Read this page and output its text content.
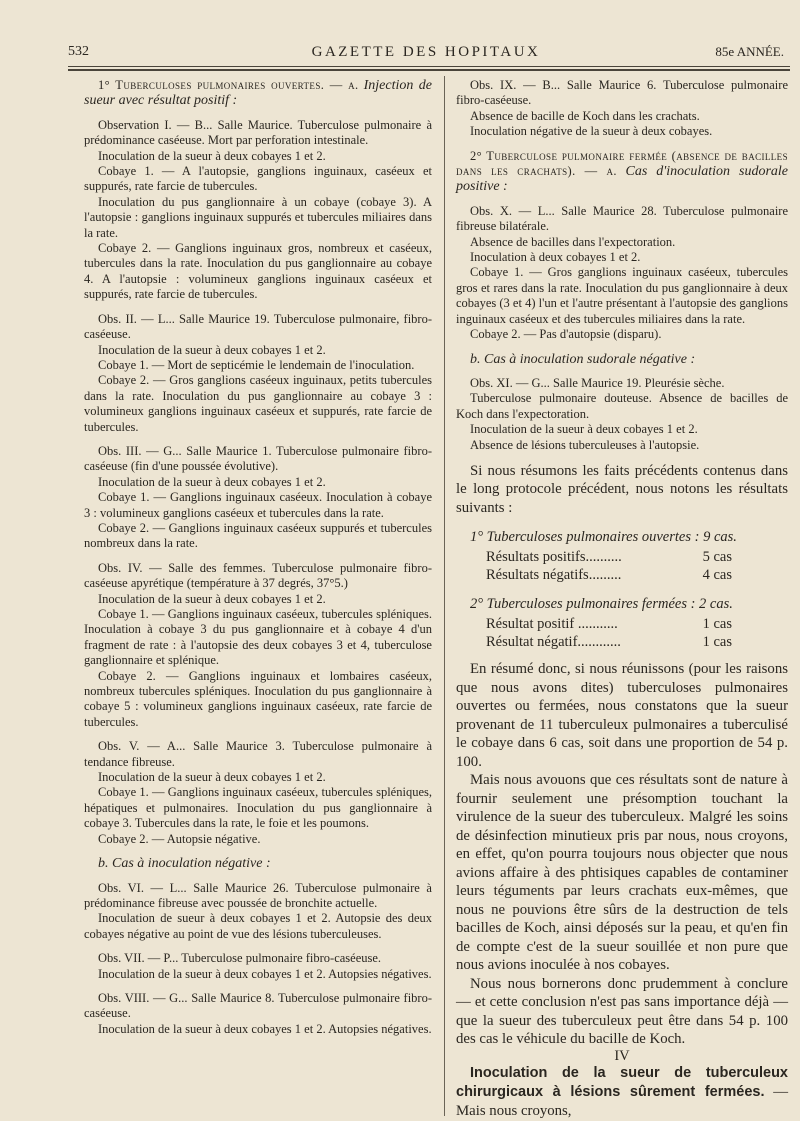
532	GAZETTE DES HOPITAUX	85e ANNÉE.

1° Tuberculoses pulmonaires ouvertes. — a. Injection de sueur avec résultat positif :

Observation I. — B... Salle Maurice. Tuberculose pulmonaire à prédominance caséeuse. Mort par perforation intestinale.

Inoculation de la sueur à deux cobayes 1 et 2.

Cobaye 1. — A l'autopsie, ganglions inguinaux, caséeux et suppurés, rate farcie de tubercules.

Inoculation du pus ganglionnaire à un cobaye (cobaye 3). A l'autopsie : ganglions inguinaux suppurés et tubercules miliaires dans la rate.

Cobaye 2. — Ganglions inguinaux gros, nombreux et caséeux, tubercules dans la rate. Inoculation du pus ganglionnaire au cobaye 4. A l'autopsie : volumineux ganglions inguinaux caséeux et suppurés, rate farcie de tubercules.

Obs. II. — L... Salle Maurice 19. Tuberculose pulmonaire, fibro-caséeuse.

Inoculation de la sueur à deux cobayes 1 et 2.

Cobaye 1. — Mort de septicémie le lendemain de l'inoculation.

Cobaye 2. — Gros ganglions caséeux inguinaux, petits tubercules dans la rate. Inoculation du pus ganglionnaire au cobaye 3 : volumineux ganglions inguinaux caséeux et suppurés, rate farcie de tubercules.

Obs. III. — G... Salle Maurice 1. Tuberculose pulmonaire fibro-caséeuse (fin d'une poussée évolutive).

Inoculation de la sueur à deux cobayes 1 et 2.

Cobaye 1. — Ganglions inguinaux caséeux. Inoculation à cobaye 3 : volumineux ganglions caséeux et tubercules dans la rate.

Cobaye 2. — Ganglions inguinaux caséeux suppurés et tubercules nombreux dans la rate.

Obs. IV. — Salle des femmes. Tuberculose pulmonaire fibro-caséeuse apyrétique (température à 37 degrés, 37°5.)

Inoculation de la sueur à deux cobayes 1 et 2.

Cobaye 1. — Ganglions inguinaux caséeux, tubercules spléniques. Inoculation à cobaye 3 du pus ganglionnaire et à cobaye 4 d'un fragment de rate : à l'autopsie des deux cobayes 3 et 4, tuberculose ganglionnaire et splénique.

Cobaye 2. — Ganglions inguinaux et lombaires caséeux, nombreux tubercules spléniques. Inoculation du pus ganglionnaire à cobaye 5 : volumineux ganglions inguinaux caséeux, rate farcie de tubercules.

Obs. V. — A... Salle Maurice 3. Tuberculose pulmonaire à tendance fibreuse.

Inoculation de la sueur à deux cobayes 1 et 2.

Cobaye 1. — Ganglions inguinaux caséeux, tubercules spléniques, hépatiques et pulmonaires. Inoculation du pus ganglionnaire à cobaye 3. Tubercules dans la rate, le foie et les poumons.

Cobaye 2. — Autopsie négative.

b. Cas à inoculation négative :

Obs. VI. — L... Salle Maurice 26. Tuberculose pulmonaire à prédominance fibreuse avec poussée de bronchite actuelle.

Inoculation de sueur à deux cobayes 1 et 2. Autopsie des deux cobayes négative au point de vue des lésions tuberculeuses.

Obs. VII. — P... Tuberculose pulmonaire fibro-caséeuse.

Inoculation de la sueur à deux cobayes 1 et 2. Autopsies négatives.

Obs. VIII. — G... Salle Maurice 8. Tuberculose pulmonaire fibro-caséeuse.

Inoculation de la sueur à deux cobayes 1 et 2. Autopsies négatives.

Obs. IX. — B... Salle Maurice 6. Tuberculose pulmonaire fibro-caséeuse.

Absence de bacille de Koch dans les crachats.

Inoculation négative de la sueur à deux cobayes.

2° Tuberculose pulmonaire fermée (absence de bacilles dans les crachats). — a. Cas d'inoculation sudorale positive :

Obs. X. — L... Salle Maurice 28. Tuberculose pulmonaire fibreuse bilatérale.

Absence de bacilles dans l'expectoration.

Inoculation à deux cobayes 1 et 2.

Cobaye 1. — Gros ganglions inguinaux caséeux, tubercules gros et rares dans la rate. Inoculation du pus ganglionnaire à deux cobayes (3 et 4) l'un et l'autre présentant à l'autopsie des ganglions inguinaux caséeux et des tubercules miliaires dans la rate.

Cobaye 2. — Pas d'autopsie (disparu).

b. Cas à inoculation sudorale négative :

Obs. XI. — G... Salle Maurice 19. Pleurésie sèche.

Tuberculose pulmonaire douteuse. Absence de bacilles de Koch dans l'expectoration.

Inoculation de la sueur à deux cobayes 1 et 2.

Absence de lésions tuberculeuses à l'autopsie.

Si nous résumons les faits précédents contenus dans le long protocole précédent, nous notons les résultats suivants :

1° Tuberculoses pulmonaires ouvertes : 9 cas.

Résultats positifs..........	5 cas
Résultats négatifs.........	4 cas

2° Tuberculoses pulmonaires fermées : 2 cas.

Résultat positif ...........	1 cas
Résultat négatif............	1 cas

En résumé donc, si nous réunissons (pour les raisons que nous avons dites) tuberculoses pulmonaires ouvertes ou fermées, nous constatons que la sueur provenant de 11 tuberculeux pulmonaires a tuberculisé le cobaye dans 6 cas, soit dans une proportion de 54 p. 100.

Mais nous avouons que ces résultats sont de nature à fournir seulement une présomption touchant la virulence de la sueur des tuberculeux. Malgré les soins de désinfection minutieux pris par nous, nous croyons, en effet, qu'on pourra toujours nous objecter que nous avions affaire à des phtisiques capables de contaminer leurs téguments par leurs crachats eux-mêmes, que nous ne pouvions être sûrs de la destruction de tels bacilles de Koch, ainsi déposés sur la peau, et qu'en fin de compte c'est de la sueur souillée et non pure que nous avions inoculée à nos cobayes.

Nous nous bornerons donc prudemment à conclure — et cette conclusion n'est pas sans importance déjà — que la sueur des tuberculeux peut être dans 54 p. 100 des cas le véhicule du bacille de Koch.

IV

Inoculation de la sueur de tuberculeux chirurgicaux à lésions sûrement fermées. — Mais nous croyons,
